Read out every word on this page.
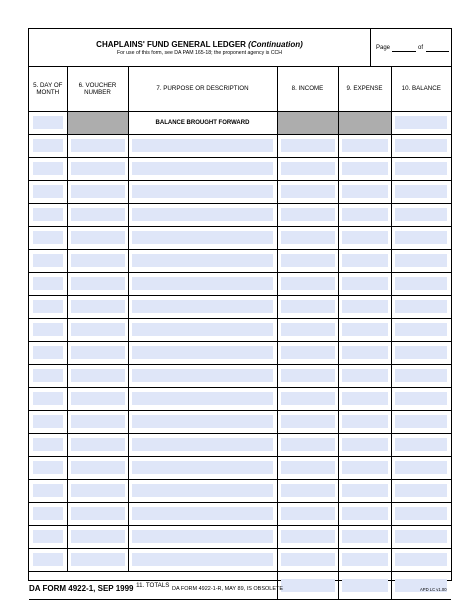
CHAPLAINS' FUND GENERAL LEDGER (Continuation)
For use of this form, see DA PAM 165-18; the proponent agency is CCH
Page	of
5. DAY OF MONTH	6. VOUCHER NUMBER	7. PURPOSE OR DESCRIPTION	8. INCOME	9. EXPENSE	10. BALANCE

		BALANCE BROUGHT FORWARD			

11. TOTALS			

DA FORM 4922-1, SEP 1999	DA FORM 4922-1-R, MAY 89, IS OBSOLETE	APD LC v1.00
